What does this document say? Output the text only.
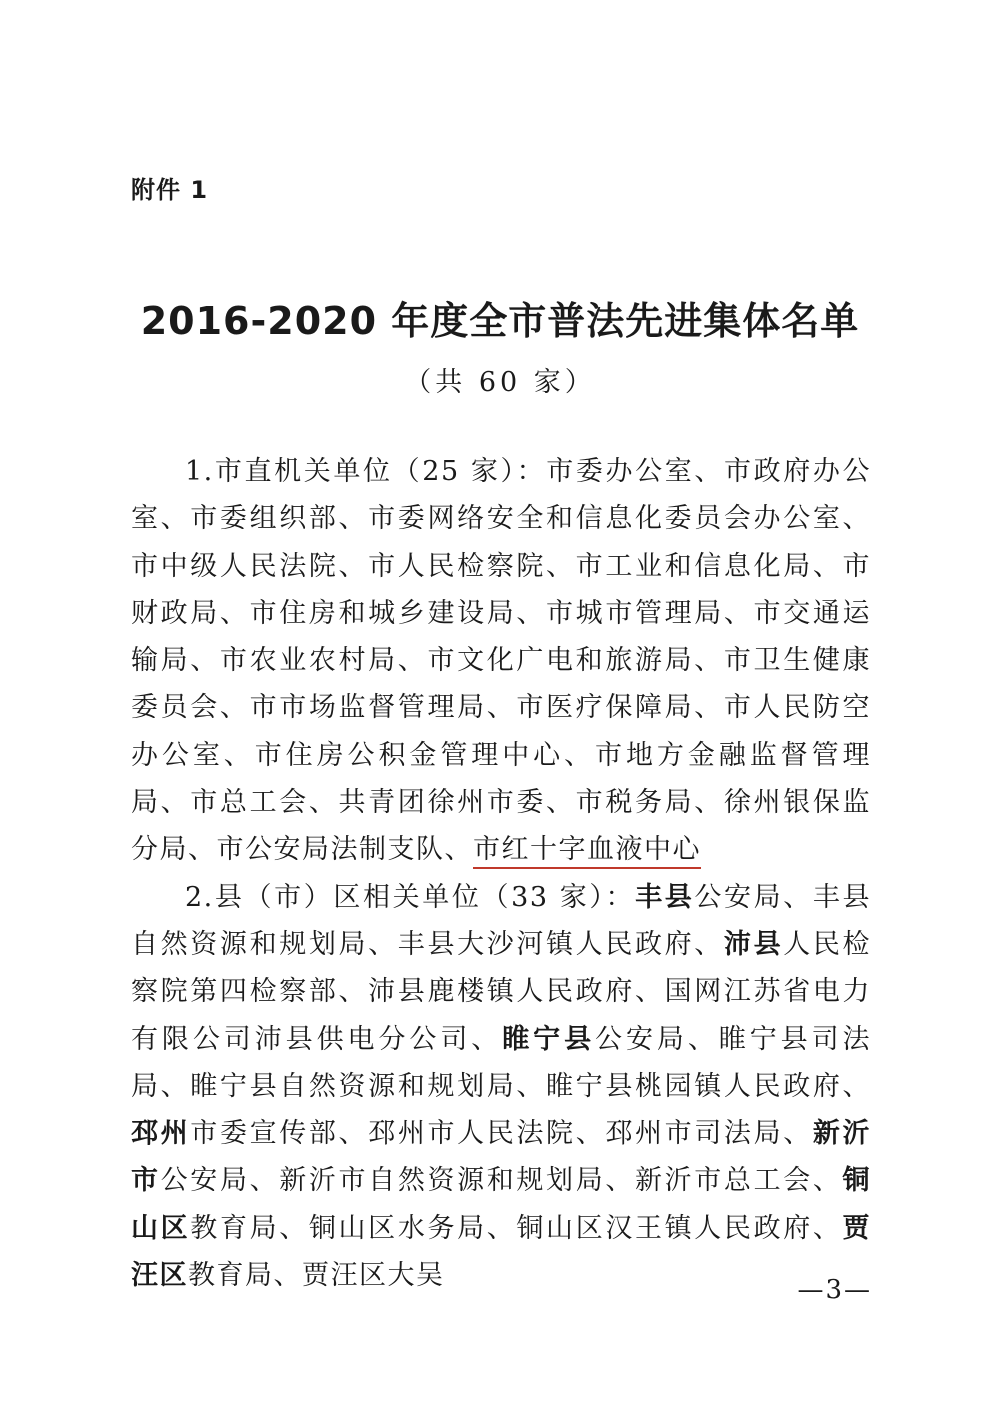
附件 1
2016-2020 年度全市普法先进集体名单
（共 60 家）

1.市直机关单位（25 家）：市委办公室、市政府办公室、市委组织部、市委网络安全和信息化委员会办公室、市中级人民法院、市人民检察院、市工业和信息化局、市财政局、市住房和城乡建设局、市城市管理局、市交通运输局、市农业农村局、市文化广电和旅游局、市卫生健康委员会、市市场监督管理局、市医疗保障局、市人民防空办公室、市住房公积金管理中心、市地方金融监督管理局、市总工会、共青团徐州市委、市税务局、徐州银保监分局、市公安局法制支队、市红十字血液中心

2.县（市）区相关单位（33 家）：丰县公安局、丰县自然资源和规划局、丰县大沙河镇人民政府、沛县人民检察院第四检察部、沛县鹿楼镇人民政府、国网江苏省电力有限公司沛县供电分公司、睢宁县公安局、睢宁县司法局、睢宁县自然资源和规划局、睢宁县桃园镇人民政府、邳州市委宣传部、邳州市人民法院、邳州市司法局、新沂市公安局、新沂市自然资源和规划局、新沂市总工会、铜山区教育局、铜山区水务局、铜山区汉王镇人民政府、贾汪区教育局、贾汪区大吴	—3—
